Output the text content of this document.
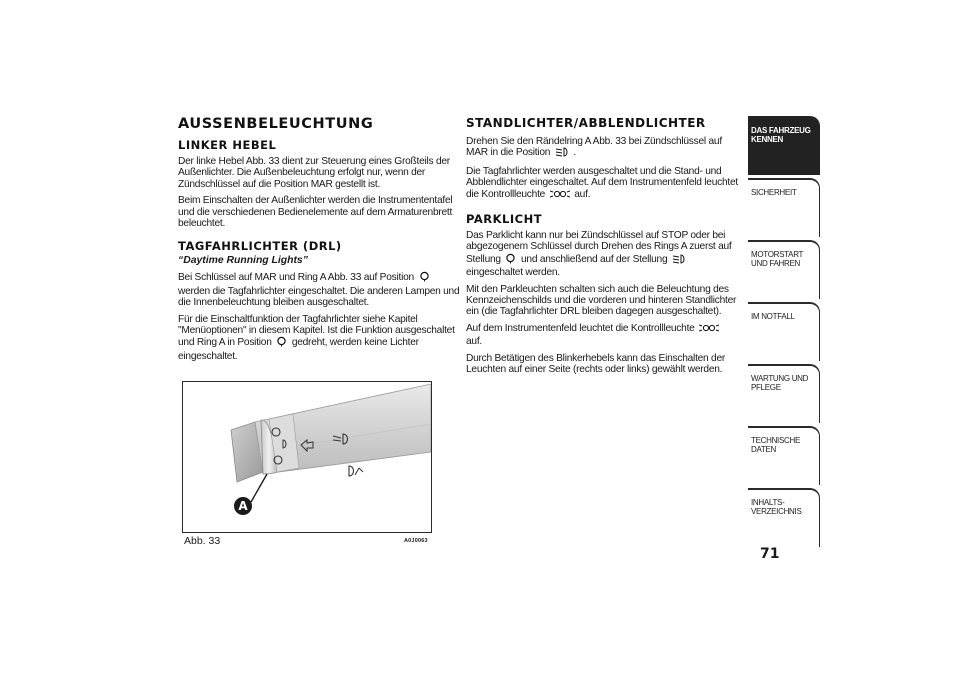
AUSSENBELEUCHTUNG
LINKER HEBEL

Der linke Hebel Abb. 33 dient zur Steuerung eines Großteils der Außenlichter. Die Außenbeleuchtung erfolgt nur, wenn der Zündschlüssel auf die Position MAR gestellt ist.

Beim Einschalten der Außenlichter werden die Instrumententafel und die verschiedenen Bedienelemente auf dem Armaturenbrett beleuchtet.

TAGFAHRLICHTER (DRL)
“Daytime Running Lights”

Bei Schlüssel auf MAR und Ring A Abb. 33 auf Position  werden die Tagfahrlichter eingeschaltet. Die anderen Lampen und die Innenbeleuchtung bleiben ausgeschaltet.

Für die Einschaltfunktion der Tagfahrlichter siehe Kapitel "Menüoptionen" in diesem Kapitel. Ist die Funktion ausgeschaltet und Ring A in Position gedreht, werden keine Lichter eingeschaltet.

STANDLICHTER/ABBLENDLICHTER

Drehen Sie den Rändelring A Abb. 33 bei Zündschlüssel auf MAR in die Position .

Die Tagfahrlichter werden ausgeschaltet und die Stand- und Abblendlichter eingeschaltet. Auf dem Instrumentenfeld leuchtet die Kontrollleuchte	auf.

PARKLICHT

Das Parklicht kann nur bei Zündschlüssel auf STOP oder bei abgezogenem Schlüssel durch Drehen des Rings A zuerst auf Stellung und anschließend auf der Stellung  eingeschaltet werden.

Mit den Parkleuchten schalten sich auch die Beleuchtung des Kennzeichenschilds und die vorderen und hinteren Standlichter ein (die Tagfahrlichter DRL bleiben dagegen ausgeschaltet).

Auf dem Instrumentenfeld leuchtet die Kontrollleuchte  auf.

Durch Betätigen des Blinkerhebels kann das Einschalten der Leuchten auf einer Seite (rechts oder links) gewählt werden.

A
Abb. 33	A0J0063
DAS FAHRZEUG KENNEN
SICHERHEIT
MOTORSTART UND FAHREN
IM NOTFALL
WARTUNG UND PFLEGE
TECHNISCHE DATEN
INHALTS-
VERZEICHNIS
71
